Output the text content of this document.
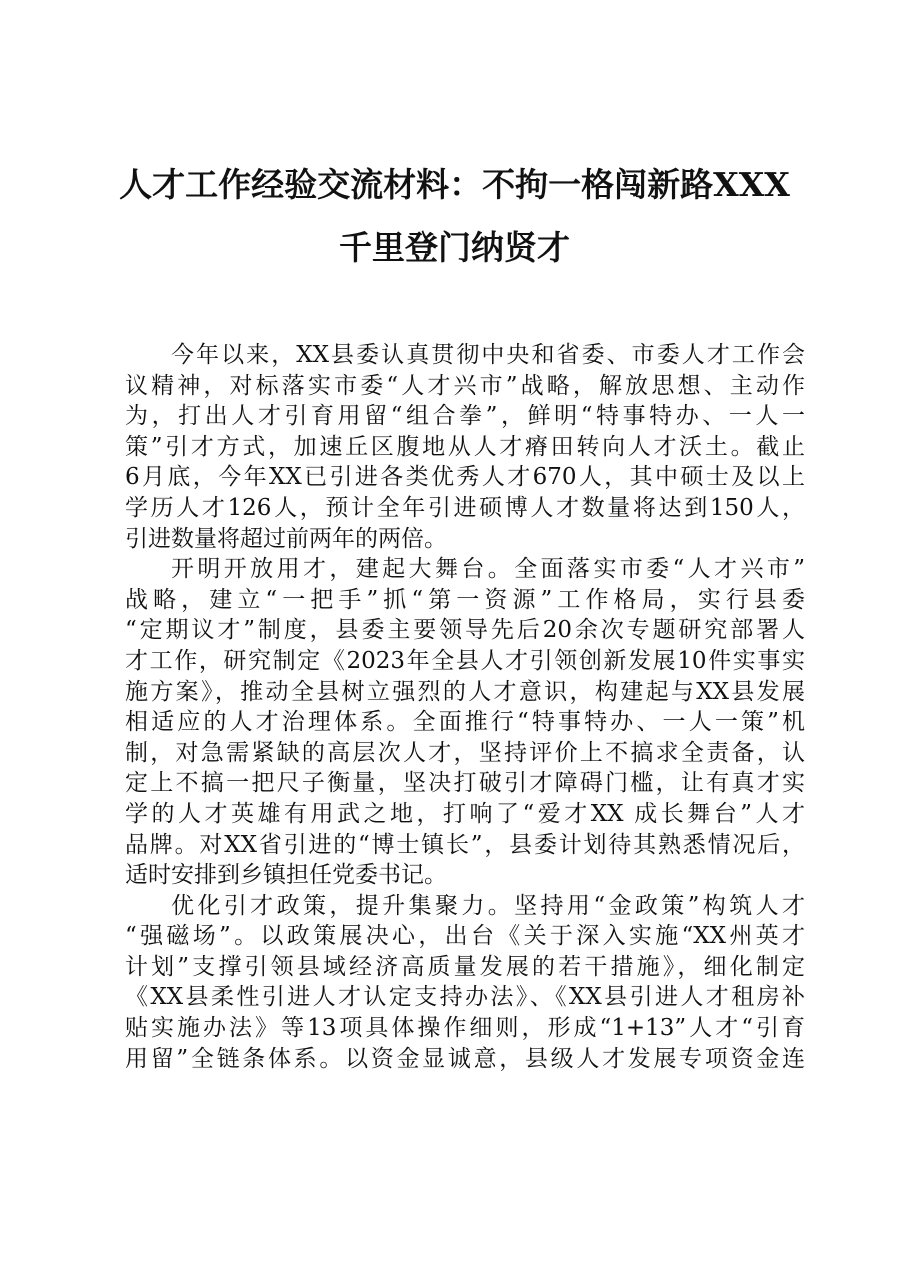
人才工作经验交流材料：不拘一格闯新路XXX
千里登门纳贤才
今年以来，XX县委认真贯彻中央和省委、市委人才工作会
议精神，对标落实市委“人才兴市”战略，解放思想、主动作
为，打出人才引育用留“组合拳”，鲜明“特事特办、一人一
策”引才方式，加速丘区腹地从人才瘠田转向人才沃土。截止
6月底，今年XX已引进各类优秀人才670人，其中硕士及以上
学历人才126人，预计全年引进硕博人才数量将达到150人，
引进数量将超过前两年的两倍。
开明开放用才，建起大舞台。全面落实市委“人才兴市”
战略，建立“一把手”抓“第一资源”工作格局，实行县委
“定期议才”制度，县委主要领导先后20余次专题研究部署人
才工作，研究制定《2023年全县人才引领创新发展10件实事实
施方案》，推动全县树立强烈的人才意识，构建起与XX县发展
相适应的人才治理体系。全面推行“特事特办、一人一策”机
制，对急需紧缺的高层次人才，坚持评价上不搞求全责备，认
定上不搞一把尺子衡量，坚决打破引才障碍门槛，让有真才实
学的人才英雄有用武之地，打响了“爱才XX 成长舞台”人才
品牌。对XX省引进的“博士镇长”，县委计划待其熟悉情况后，
适时安排到乡镇担任党委书记。
优化引才政策，提升集聚力。坚持用“金政策”构筑人才
“强磁场”。以政策展决心，出台《关于深入实施“XX州英才
计划”支撑引领县域经济高质量发展的若干措施》，细化制定
《XX县柔性引进人才认定支持办法》、《XX县引进人才租房补
贴实施办法》等13项具体操作细则，形成“1+13”人才“引育
用留”全链条体系。以资金显诚意，县级人才发展专项资金连
